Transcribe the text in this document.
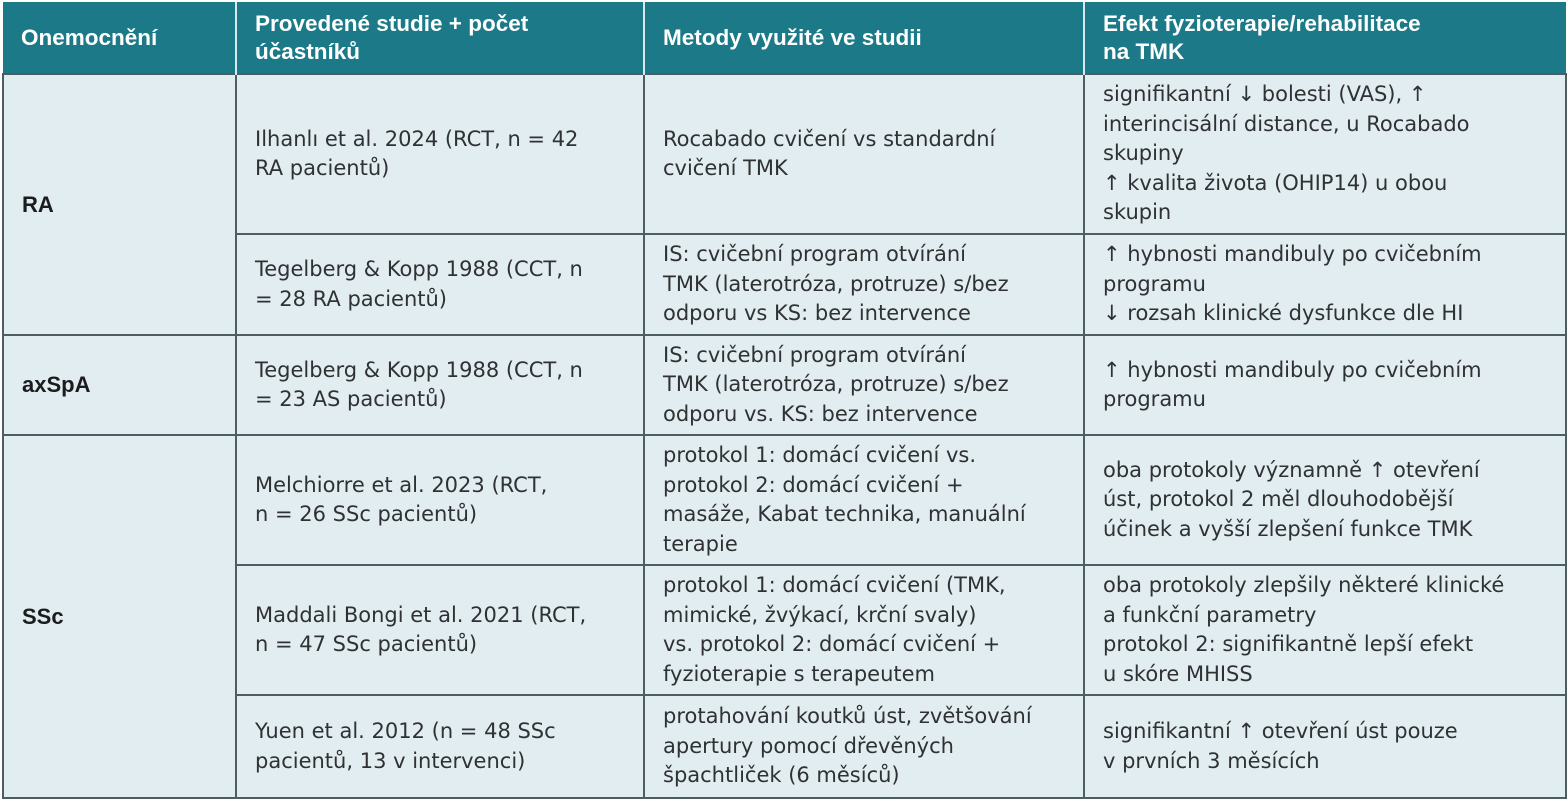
Onemocnění	Provedené studie + počet
účastníků	Metody využité ve studii	Efekt fyzioterapie/rehabilitace
na TMK

RA	Ilhanlı et al. 2024 (RCT, n = 42
RA pacientů)	Rocabado cvičení vs standardní
cvičení TMK	signifikantní ↓ bolesti (VAS), ↑
interincisální distance, u Rocabado
skupiny
↑ kvalita života (OHIP14) u obou
skupin

	Tegelberg & Kopp 1988 (CCT, n
= 28 RA pacientů)	IS: cvičební program otvírání
TMK (laterotróza, protruze) s/bez
odporu vs KS: bez intervence	↑ hybnosti mandibuly po cvičebním
programu
↓ rozsah klinické dysfunkce dle HI

axSpA	Tegelberg & Kopp 1988 (CCT, n
= 23 AS pacientů)	IS: cvičební program otvírání
TMK (laterotróza, protruze) s/bez
odporu vs. KS: bez intervence	↑ hybnosti mandibuly po cvičebním
programu

SSc	Melchiorre et al. 2023 (RCT,
n = 26 SSc pacientů)	protokol 1: domácí cvičení vs.
protokol 2: domácí cvičení +
masáže, Kabat technika, manuální
terapie	oba protokoly významně ↑ otevření
úst, protokol 2 měl dlouhodobější
účinek a vyšší zlepšení funkce TMK

	Maddali Bongi et al. 2021 (RCT,
n = 47 SSc pacientů)	protokol 1: domácí cvičení (TMK,
mimické, žvýkací, krční svaly)
vs. protokol 2: domácí cvičení +
fyzioterapie s terapeutem	oba protokoly zlepšily některé klinické
a funkční parametry
protokol 2: signifikantně lepší efekt
u skóre MHISS

	Yuen et al. 2012 (n = 48 SSc
pacientů, 13 v intervenci)	protahování koutků úst, zvětšování
apertury pomocí dřevěných
špachtliček (6 měsíců)	signifikantní ↑ otevření úst pouze
v prvních 3 měsících
